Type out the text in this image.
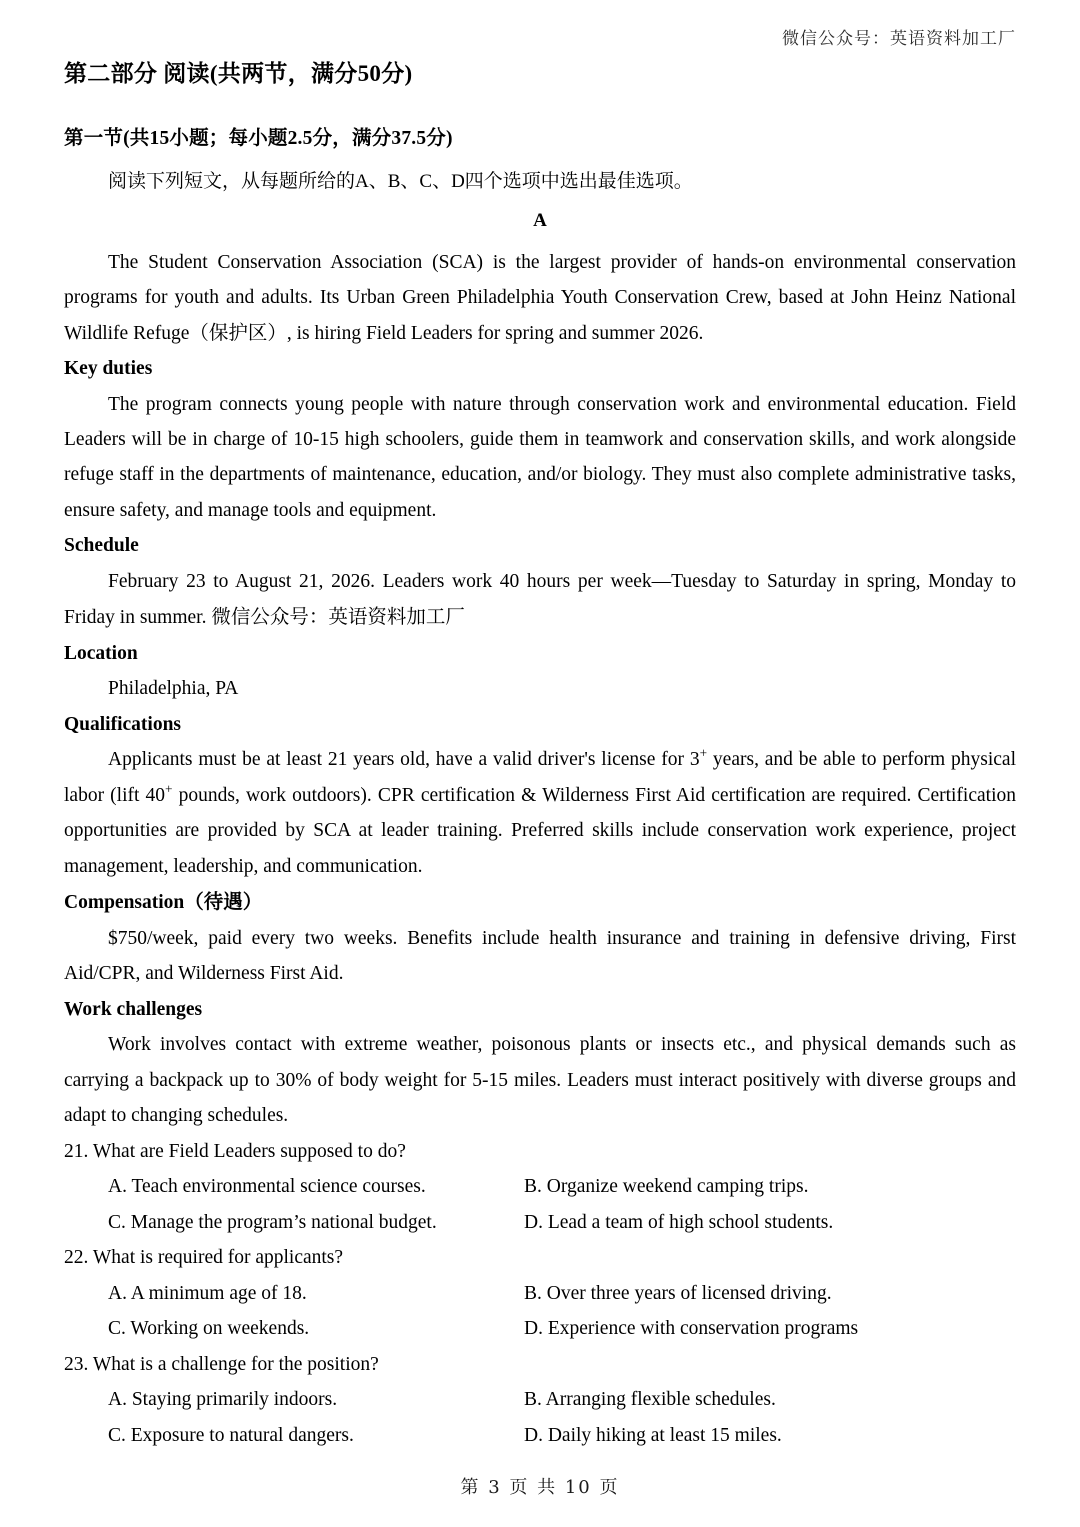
微信公众号：英语资料加工厂
第二部分 阅读(共两节，满分50分)
第一节(共15小题；每小题2.5分，满分37.5分)
阅读下列短文，从每题所给的A、B、C、D四个选项中选出最佳选项。
A

The Student Conservation Association (SCA) is the largest provider of hands-on environmental conservation programs for youth and adults. Its Urban Green Philadelphia Youth Conservation Crew, based at John Heinz National Wildlife Refuge（保护区）, is hiring Field Leaders for spring and summer 2026.

Key duties

The program connects young people with nature through conservation work and environmental education. Field Leaders will be in charge of 10-15 high schoolers, guide them in teamwork and conservation skills, and work alongside refuge staff in the departments of maintenance, education, and/or biology. They must also complete administrative tasks, ensure safety, and manage tools and equipment.

Schedule

February 23 to August 21, 2026. Leaders work 40 hours per week—Tuesday to Saturday in spring, Monday to Friday in summer. 微信公众号：英语资料加工厂

Location

Philadelphia, PA

Qualifications

Applicants must be at least 21 years old, have a valid driver's license for 3+ years, and be able to perform physical labor (lift 40+ pounds, work outdoors). CPR certification & Wilderness First Aid certification are required. Certification opportunities are provided by SCA at leader training. Preferred skills include conservation work experience, project management, leadership, and communication.

Compensation（待遇）

$750/week, paid every two weeks. Benefits include health insurance and training in defensive driving, First Aid/CPR, and Wilderness First Aid.

Work challenges

Work involves contact with extreme weather, poisonous plants or insects etc., and physical demands such as carrying a backpack up to 30% of body weight for 5-15 miles. Leaders must interact positively with diverse groups and adapt to changing schedules.

21. What are Field Leaders supposed to do?
A. Teach environmental science courses.	B. Organize weekend camping trips.
C. Manage the program’s national budget.	D. Lead a team of high school students.
22. What is required for applicants?
A. A minimum age of 18.	B. Over three years of licensed driving.
C. Working on weekends.	D. Experience with conservation programs
23. What is a challenge for the position?
A. Staying primarily indoors.	B. Arranging flexible schedules.
C. Exposure to natural dangers.	D. Daily hiking at least 15 miles.
第 3 页 共 10 页
